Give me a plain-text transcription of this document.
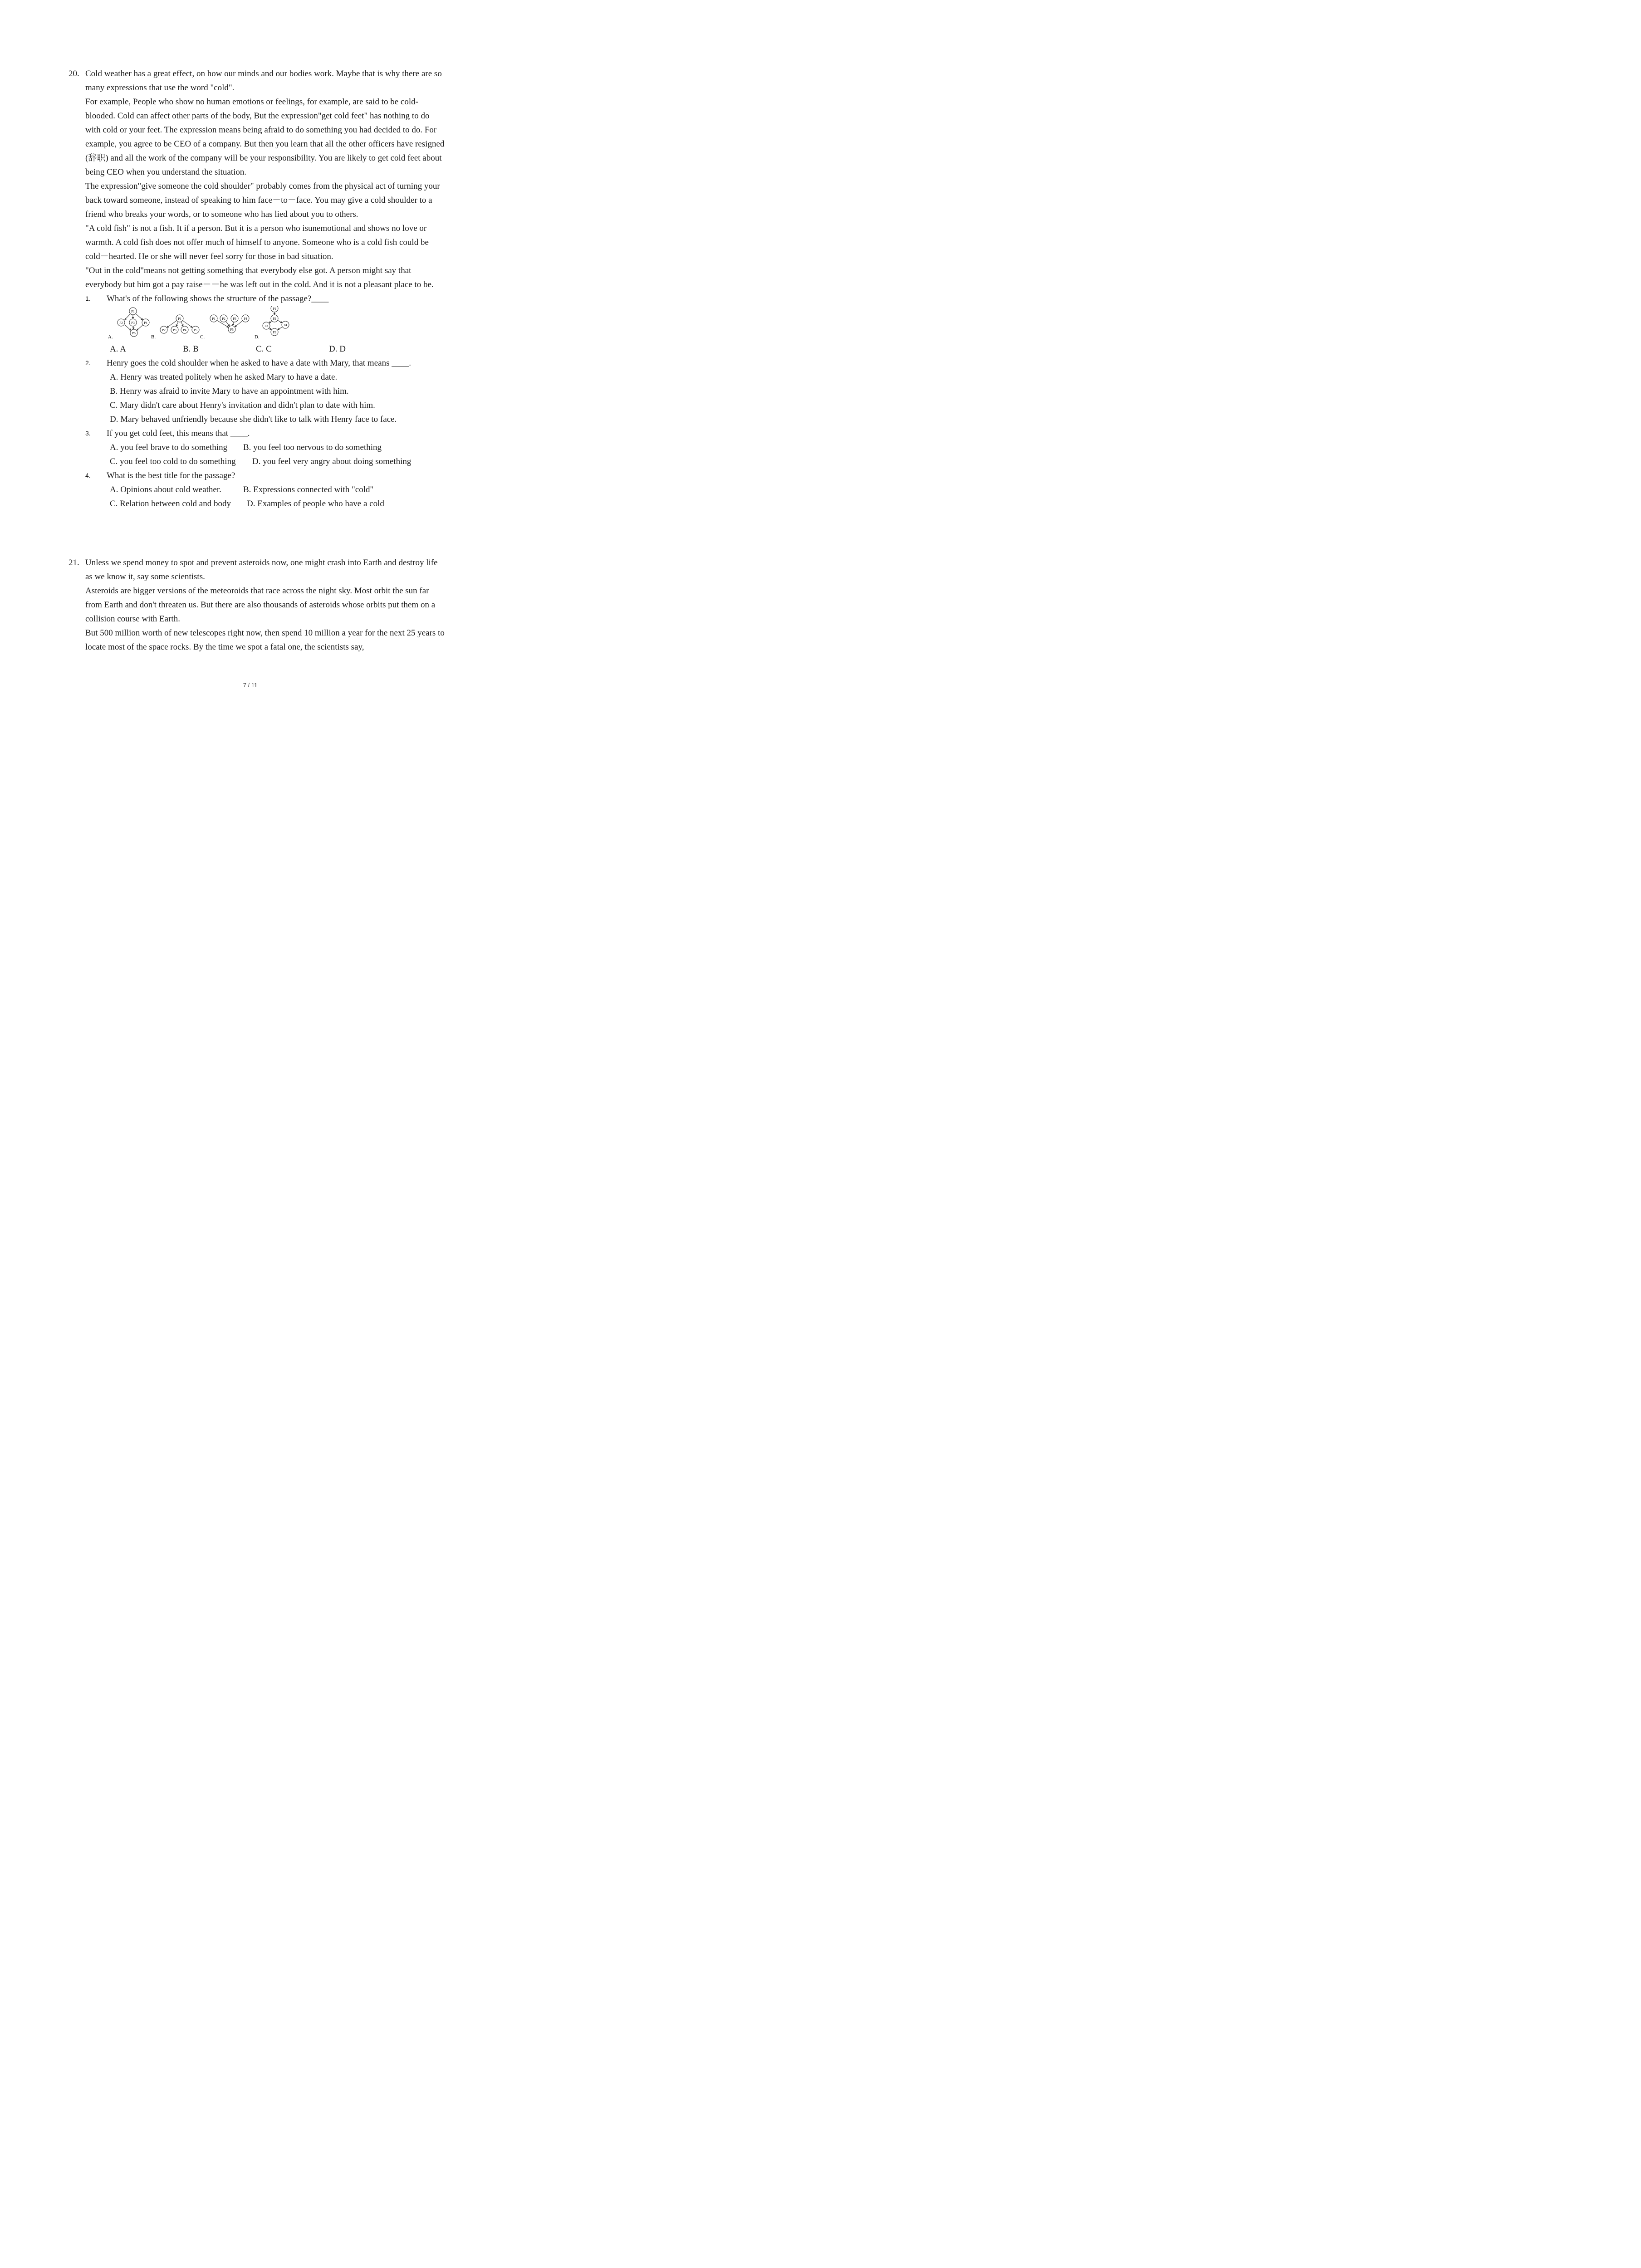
20. Cold weather has a great effect, on how our minds and our bodies work. Maybe that is why there are so many expressions that use the word "cold".
For example, People who show no human emotions or feelings, for example, are said to be cold-blooded. Cold can affect other parts of the body, But the expression"get cold feet" has nothing to do with cold or your feet. The expression means being afraid to do something you had decided to do. For example, you agree to be CEO of a company. But then you learn that all the other officers have resigned (辞职) and all the work of the company will be your responsibility. You are likely to get cold feet about being CEO when you understand the situation.
The expression"give someone the cold shoulder" probably comes from the physical act of turning your back toward someone, instead of speaking to him face－to－face. You may give a cold shoulder to a friend who breaks your words, or to someone who has lied about you to others.
"A cold fish" is not a fish. It if a person. But it is a person who isunemotional and shows no love or warmth. A cold fish does not offer much of himself to anyone. Someone who is a cold fish could be cold－hearted. He or she will never feel sorry for those in bad situation.
"Out in the cold"means not getting something that everybody else got. A person might say that everybody but him got a pay raise－－he was left out in the cold. And it is not a pleasant place to be.
1. What's of the following shows the structure of the passage?____
P1
P2	P3	P4
P5
A.
P1
P2 P3 P4 P5
B.
P1 P2 P3 P4
P5
C.
P1
P2
P3	P4
P5
D.
A. A	B. B	C. C	D. D
2. Henry goes the cold shoulder when he asked to have a date with Mary, that means ____.
A. Henry was treated politely when he asked Mary to have a date.
B. Henry was afraid to invite Mary to have an appointment with him.
C. Mary didn't care about Henry's invitation and didn't plan to date with him.
D. Mary behaved unfriendly because she didn't like to talk with Henry face to face.
3. If you get cold feet, this means that ____.
A. you feel brave to do something B. you feel too nervous to do something
C. you feel too cold to do something D. you feel very angry about doing something
4. What is the best title for the passage?
A. Opinions about cold weather.	B. Expressions connected with "cold"
C. Relation between cold and body D. Examples of people who have a cold
21. Unless we spend money to spot and prevent asteroids now, one might crash into Earth and destroy life as we know it, say some scientists.
Asteroids are bigger versions of the meteoroids that race across the night sky. Most orbit the sun far from Earth and don't threaten us. But there are also thousands of asteroids whose orbits put them on a collision course with Earth.
But 500 million worth of new telescopes right now, then spend 10 million a year for the next 25 years to locate most of the space rocks. By the time we spot a fatal one, the scientists say,
7 / 11
